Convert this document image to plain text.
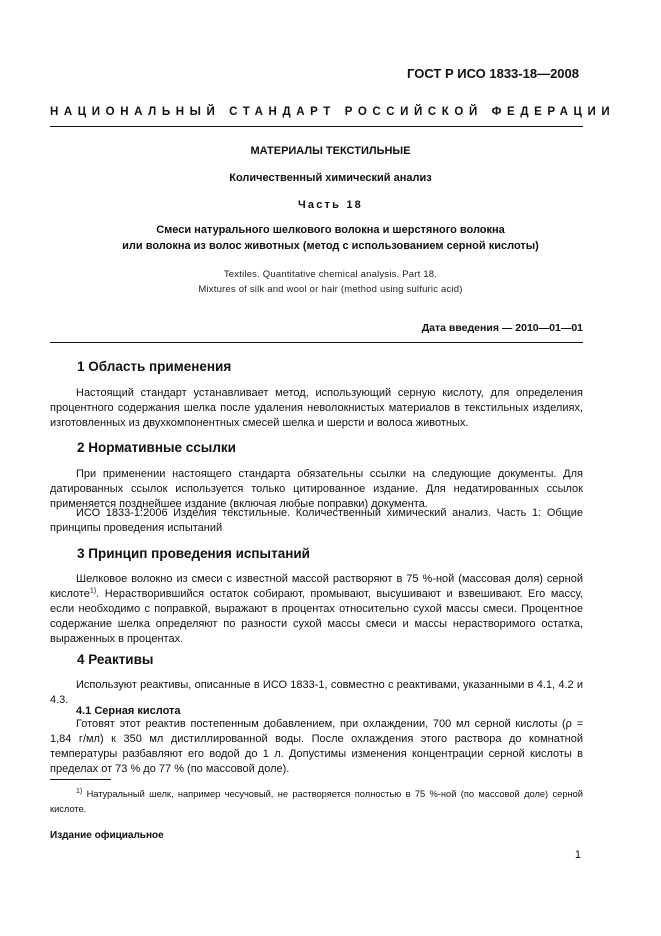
ГОСТ Р ИСО 1833-18—2008
НАЦИОНАЛЬНЫЙ СТАНДАРТ РОССИЙСКОЙ ФЕДЕРАЦИИ
МАТЕРИАЛЫ ТЕКСТИЛЬНЫЕ
Количественный химический анализ
Часть 18
Смеси натурального шелкового волокна и шерстяного волокна
или волокна из волос животных (метод с использованием серной кислоты)
Textiles. Quantitative chemical analysis. Part 18.
Mixtures of silk and wool or hair (method using sulfuric acid)
Дата введения — 2010—01—01
1 Область применения
Настоящий стандарт устанавливает метод, использующий серную кислоту, для определения процентного содержания шелка после удаления неволокнистых материалов в текстильных изделиях, изготовленных из двухкомпонентных смесей шелка и шерсти и волоса животных.
2 Нормативные ссылки
При применении настоящего стандарта обязательны ссылки на следующие документы. Для датированных ссылок используется только цитированное издание. Для недатированных ссылок применяется позднейшее издание (включая любые поправки) документа.
ИСО 1833-1:2006 Изделия текстильные. Количественный химический анализ. Часть 1: Общие принципы проведения испытаний
3 Принцип проведения испытаний
Шелковое волокно из смеси с известной массой растворяют в 75 %-ной (массовая доля) серной кислоте$^{1)}$. Нерастворившийся остаток собирают, промывают, высушивают и взвешивают. Его массу, если необходимо с поправкой, выражают в процентах относительно сухой массы смеси. Процентное содержание шелка определяют по разности сухой массы смеси и массы нерастворимого остатка, выраженных в процентах.
4 Реактивы
Используют реактивы, описанные в ИСО 1833-1, совместно с реактивами, указанными в 4.1, 4.2 и 4.3.
4.1 Серная кислота
Готовят этот реактив постепенным добавлением, при охлаждении, 700 мл серной кислоты (ρ = 1,84 г/мл) к 350 мл дистиллированной воды. После охлаждения этого раствора до комнатной температуры разбавляют его водой до 1 л. Допустимы изменения концентрации серной кислоты в пределах от 73 % до 77 % (по массовой доле).
$^{1)}$ Натуральный шелк, например чесучовый, не растворяется полностью в 75 %-ной (по массовой доле) серной кислоте.
Издание официальное
1
